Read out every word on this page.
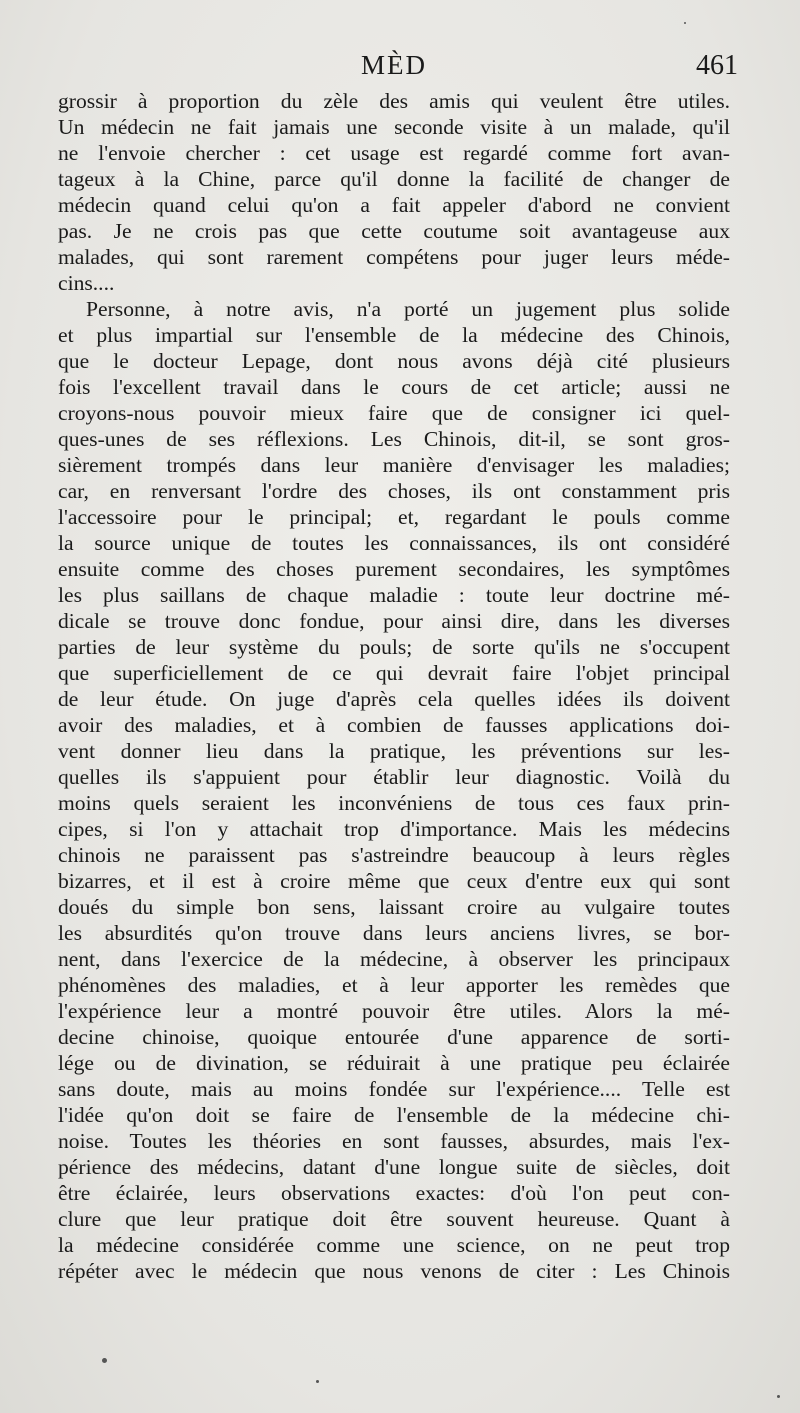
MÈD	461
grossir à proportion du zèle des amis qui veulent être utiles.
Un médecin ne fait jamais une seconde visite à un malade, qu'il
ne l'envoie chercher : cet usage est regardé comme fort avan-
tageux à la Chine, parce qu'il donne la facilité de changer de
médecin quand celui qu'on a fait appeler d'abord ne convient
pas. Je ne crois pas que cette coutume soit avantageuse aux
malades, qui sont rarement compétens pour juger leurs méde-
cins....
Personne, à notre avis, n'a porté un jugement plus solide
et plus impartial sur l'ensemble de la médecine des Chinois,
que le docteur Lepage, dont nous avons déjà cité plusieurs
fois l'excellent travail dans le cours de cet article; aussi ne
croyons-nous pouvoir mieux faire que de consigner ici quel-
ques-unes de ses réflexions. Les Chinois, dit-il, se sont gros-
sièrement trompés dans leur manière d'envisager les maladies;
car, en renversant l'ordre des choses, ils ont constamment pris
l'accessoire pour le principal; et, regardant le pouls comme
la source unique de toutes les connaissances, ils ont considéré
ensuite comme des choses purement secondaires, les symptômes
les plus saillans de chaque maladie : toute leur doctrine mé-
dicale se trouve donc fondue, pour ainsi dire, dans les diverses
parties de leur système du pouls; de sorte qu'ils ne s'occupent
que superficiellement de ce qui devrait faire l'objet principal
de leur étude. On juge d'après cela quelles idées ils doivent
avoir des maladies, et à combien de fausses applications doi-
vent donner lieu dans la pratique, les préventions sur les-
quelles ils s'appuient pour établir leur diagnostic. Voilà du
moins quels seraient les inconvéniens de tous ces faux prin-
cipes, si l'on y attachait trop d'importance. Mais les médecins
chinois ne paraissent pas s'astreindre beaucoup à leurs règles
bizarres, et il est à croire même que ceux d'entre eux qui sont
doués du simple bon sens, laissant croire au vulgaire toutes
les absurdités qu'on trouve dans leurs anciens livres, se bor-
nent, dans l'exercice de la médecine, à observer les principaux
phénomènes des maladies, et à leur apporter les remèdes que
l'expérience leur a montré pouvoir être utiles. Alors la mé-
decine chinoise, quoique entourée d'une apparence de sorti-
lége ou de divination, se réduirait à une pratique peu éclairée
sans doute, mais au moins fondée sur l'expérience.... Telle est
l'idée qu'on doit se faire de l'ensemble de la médecine chi-
noise. Toutes les théories en sont fausses, absurdes, mais l'ex-
périence des médecins, datant d'une longue suite de siècles, doit
être éclairée, leurs observations exactes: d'où l'on peut con-
clure que leur pratique doit être souvent heureuse. Quant à
la médecine considérée comme une science, on ne peut trop
répéter avec le médecin que nous venons de citer : Les Chinois
